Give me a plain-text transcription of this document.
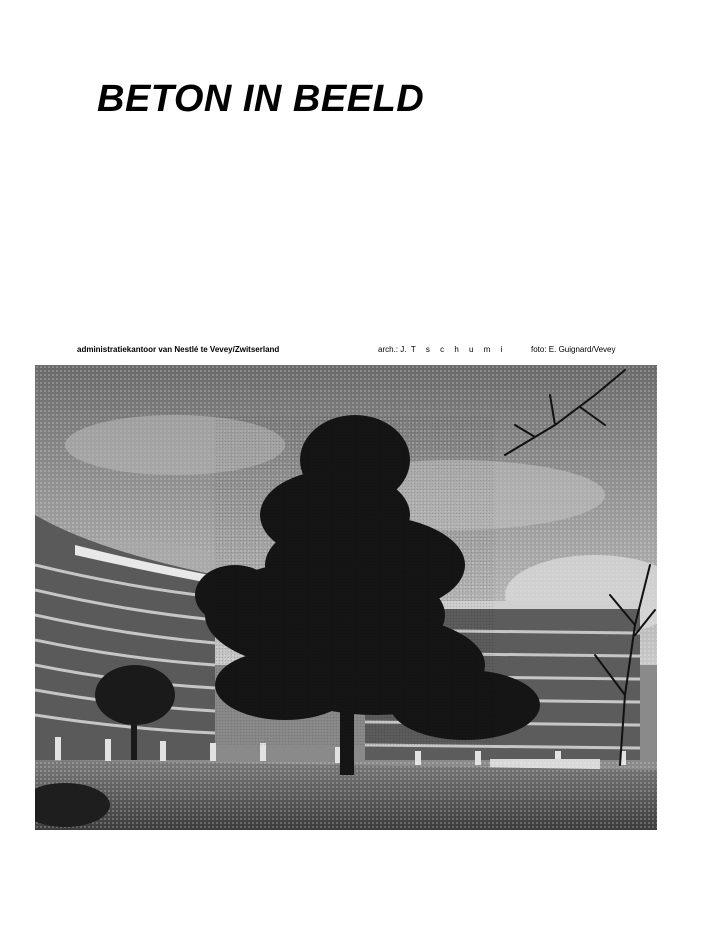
BETON IN BEELD
administratiekantoor van Nestlé te Vevey/Zwitserland	arch.: J. T s c h u m i	foto: E. Guignard/Vevey
